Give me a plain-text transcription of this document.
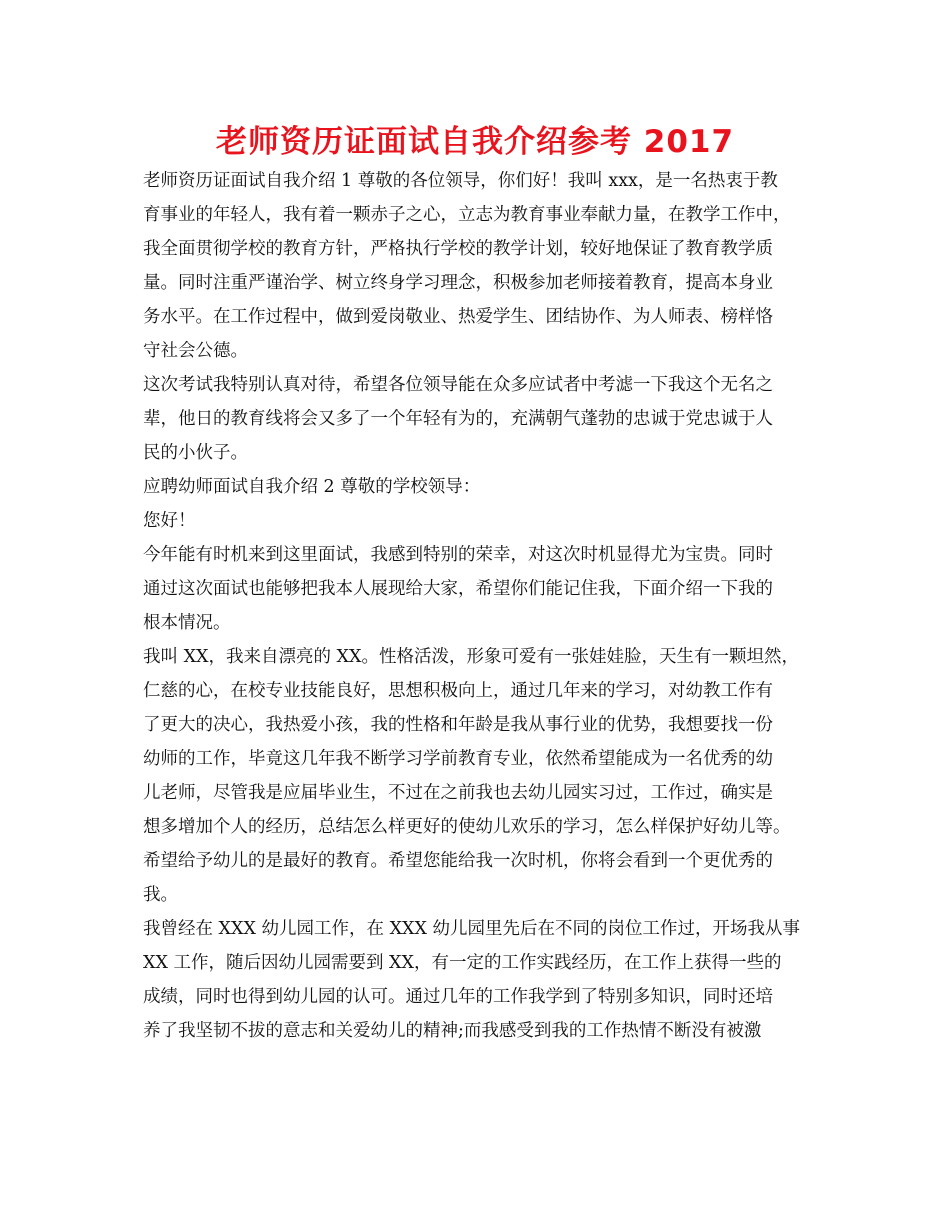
老师资历证面试自我介绍参考 2017
老师资历证面试自我介绍 1 尊敬的各位领导，你们好！我叫 xxx，是一名热衷于教
育事业的年轻人，我有着一颗赤子之心，立志为教育事业奉献力量，在教学工作中，
我全面贯彻学校的教育方针，严格执行学校的教学计划，较好地保证了教育教学质
量。同时注重严谨治学、树立终身学习理念，积极参加老师接着教育，提高本身业
务水平。在工作过程中，做到爱岗敬业、热爱学生、团结协作、为人师表、榜样恪
守社会公德。
这次考试我特别认真对待，希望各位领导能在众多应试者中考滤一下我这个无名之
辈，他日的教育线将会又多了一个年轻有为的，充满朝气蓬勃的忠诚于党忠诚于人
民的小伙子。
应聘幼师面试自我介绍 2 尊敬的学校领导：
您好！
今年能有时机来到这里面试，我感到特别的荣幸，对这次时机显得尤为宝贵。同时
通过这次面试也能够把我本人展现给大家，希望你们能记住我，下面介绍一下我的
根本情况。
我叫 XX，我来自漂亮的 XX。性格活泼，形象可爱有一张娃娃脸，天生有一颗坦然，
仁慈的心，在校专业技能良好，思想积极向上，通过几年来的学习，对幼教工作有
了更大的决心，我热爱小孩，我的性格和年龄是我从事行业的优势，我想要找一份
幼师的工作，毕竟这几年我不断学习学前教育专业，依然希望能成为一名优秀的幼
儿老师，尽管我是应届毕业生，不过在之前我也去幼儿园实习过，工作过，确实是
想多增加个人的经历，总结怎么样更好的使幼儿欢乐的学习，怎么样保护好幼儿等。
希望给予幼儿的是最好的教育。希望您能给我一次时机，你将会看到一个更优秀的
我。
我曾经在 XXX 幼儿园工作，在 XXX 幼儿园里先后在不同的岗位工作过，开场我从事
XX 工作，随后因幼儿园需要到 XX，有一定的工作实践经历，在工作上获得一些的
成绩，同时也得到幼儿园的认可。通过几年的工作我学到了特别多知识，同时还培
养了我坚韧不拔的意志和关爱幼儿的精神;而我感受到我的工作热情不断没有被激
